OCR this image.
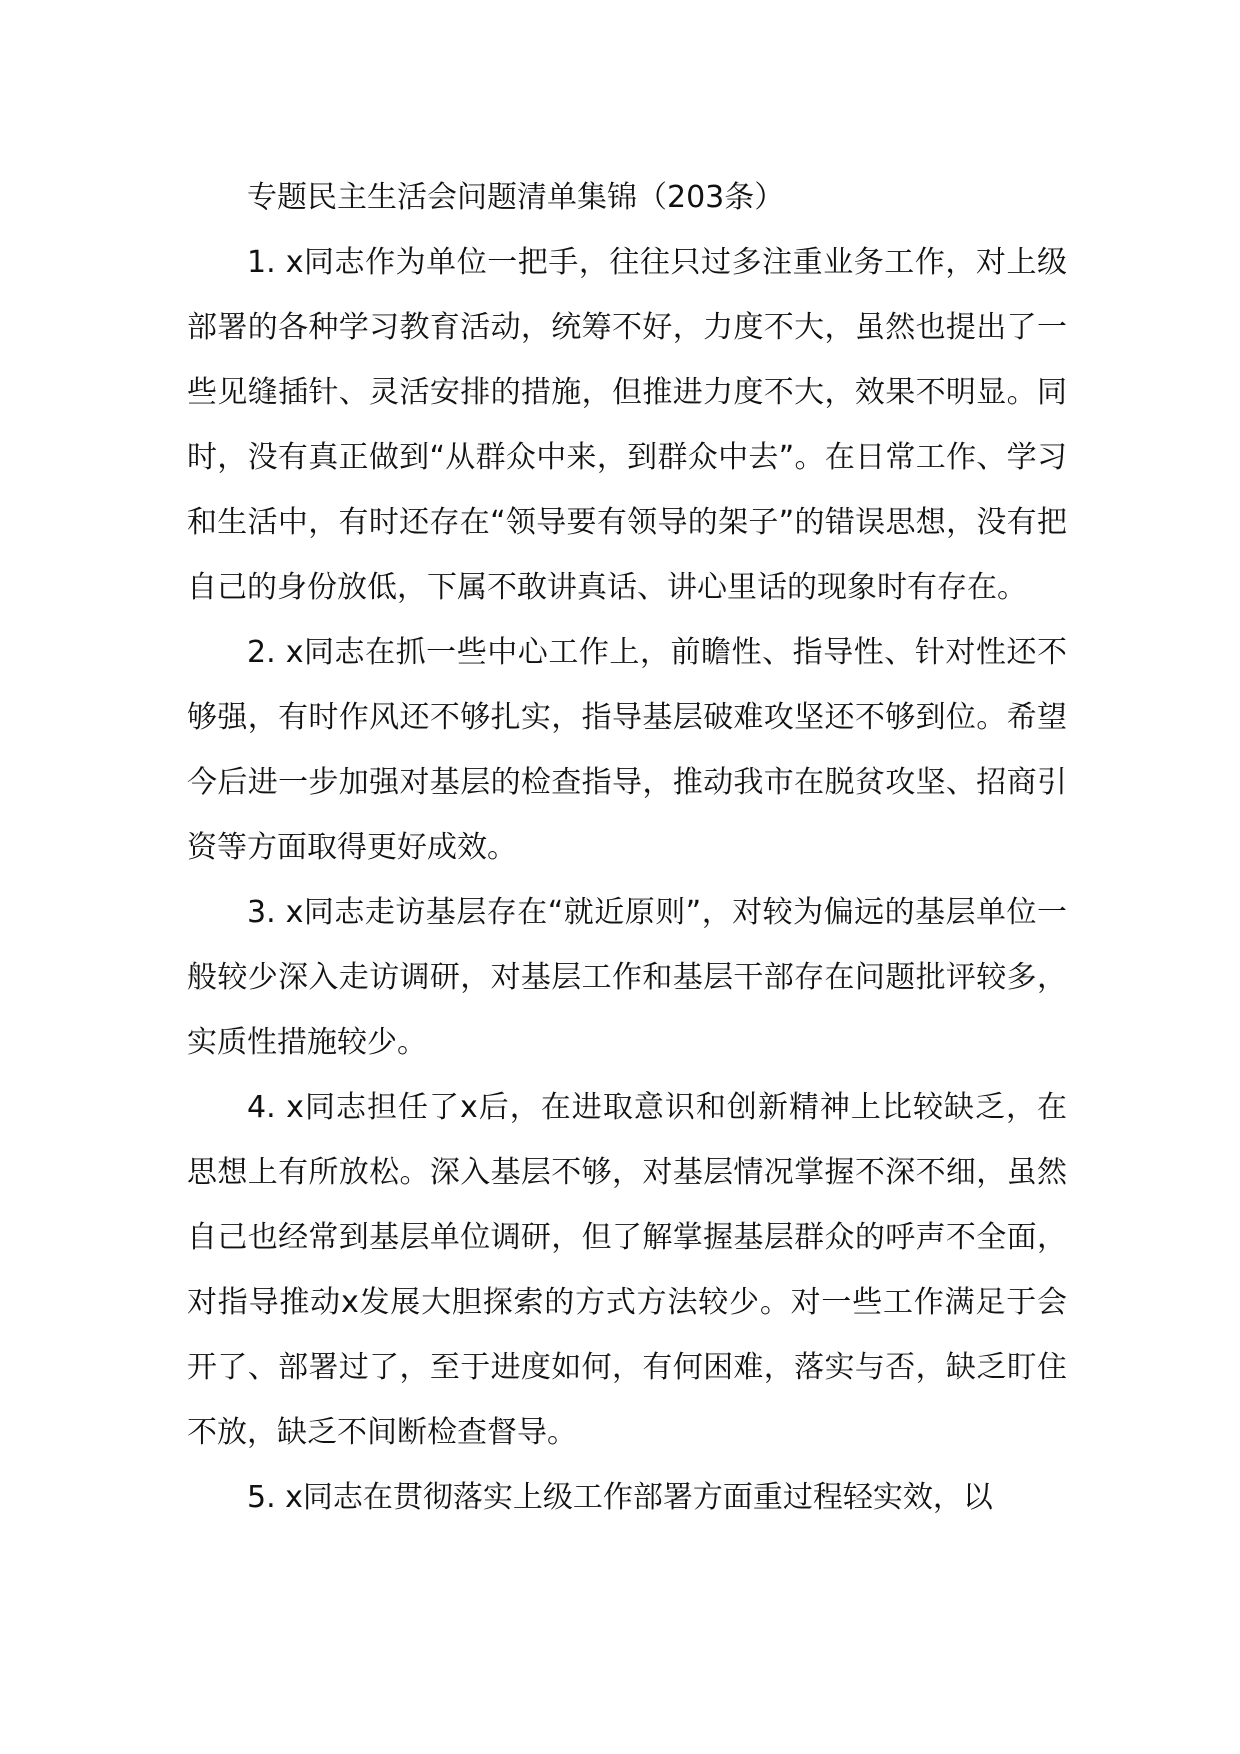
专题民主生活会问题清单集锦（203条）

1. x同志作为单位一把手，往往只过多注重业务工作，对上级部署的各种学习教育活动，统筹不好，力度不大，虽然也提出了一些见缝插针、灵活安排的措施，但推进力度不大，效果不明显。同时，没有真正做到“从群众中来，到群众中去”。在日常工作、学习和生活中，有时还存在“领导要有领导的架子”的错误思想，没有把自己的身份放低，下属不敢讲真话、讲心里话的现象时有存在。

2. x同志在抓一些中心工作上，前瞻性、指导性、针对性还不够强，有时作风还不够扎实，指导基层破难攻坚还不够到位。希望今后进一步加强对基层的检查指导，推动我市在脱贫攻坚、招商引资等方面取得更好成效。

3. x同志走访基层存在“就近原则”，对较为偏远的基层单位一般较少深入走访调研，对基层工作和基层干部存在问题批评较多，实质性措施较少。

4. x同志担任了x后，在进取意识和创新精神上比较缺乏，在思想上有所放松。深入基层不够，对基层情况掌握不深不细，虽然自己也经常到基层单位调研，但了解掌握基层群众的呼声不全面，对指导推动x发展大胆探索的方式方法较少。对一些工作满足于会开了、部署过了，至于进度如何，有何困难，落实与否，缺乏盯住不放，缺乏不间断检查督导。

5. x同志在贯彻落实上级工作部署方面重过程轻实效，以
